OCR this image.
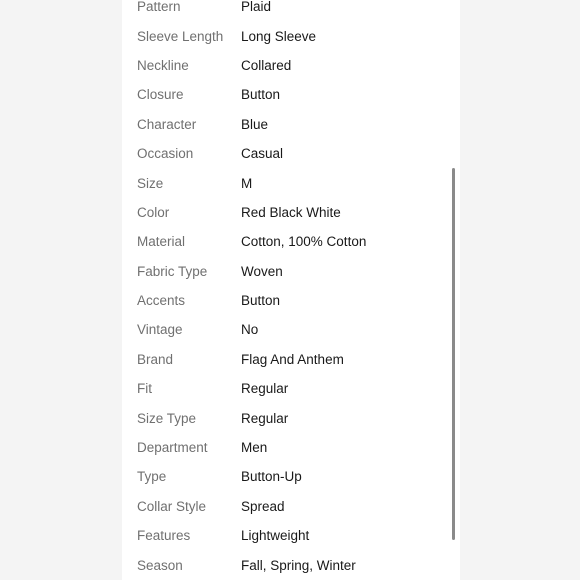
Pattern	Plaid
Sleeve Length	Long Sleeve
Neckline	Collared
Closure	Button
Character	Blue
Occasion	Casual
Size	M
Color	Red Black White
Material	Cotton, 100% Cotton
Fabric Type	Woven
Accents	Button
Vintage	No
Brand	Flag And Anthem
Fit	Regular
Size Type	Regular
Department	Men
Type	Button-Up
Collar Style	Spread
Features	Lightweight
Season	Fall, Spring, Winter
